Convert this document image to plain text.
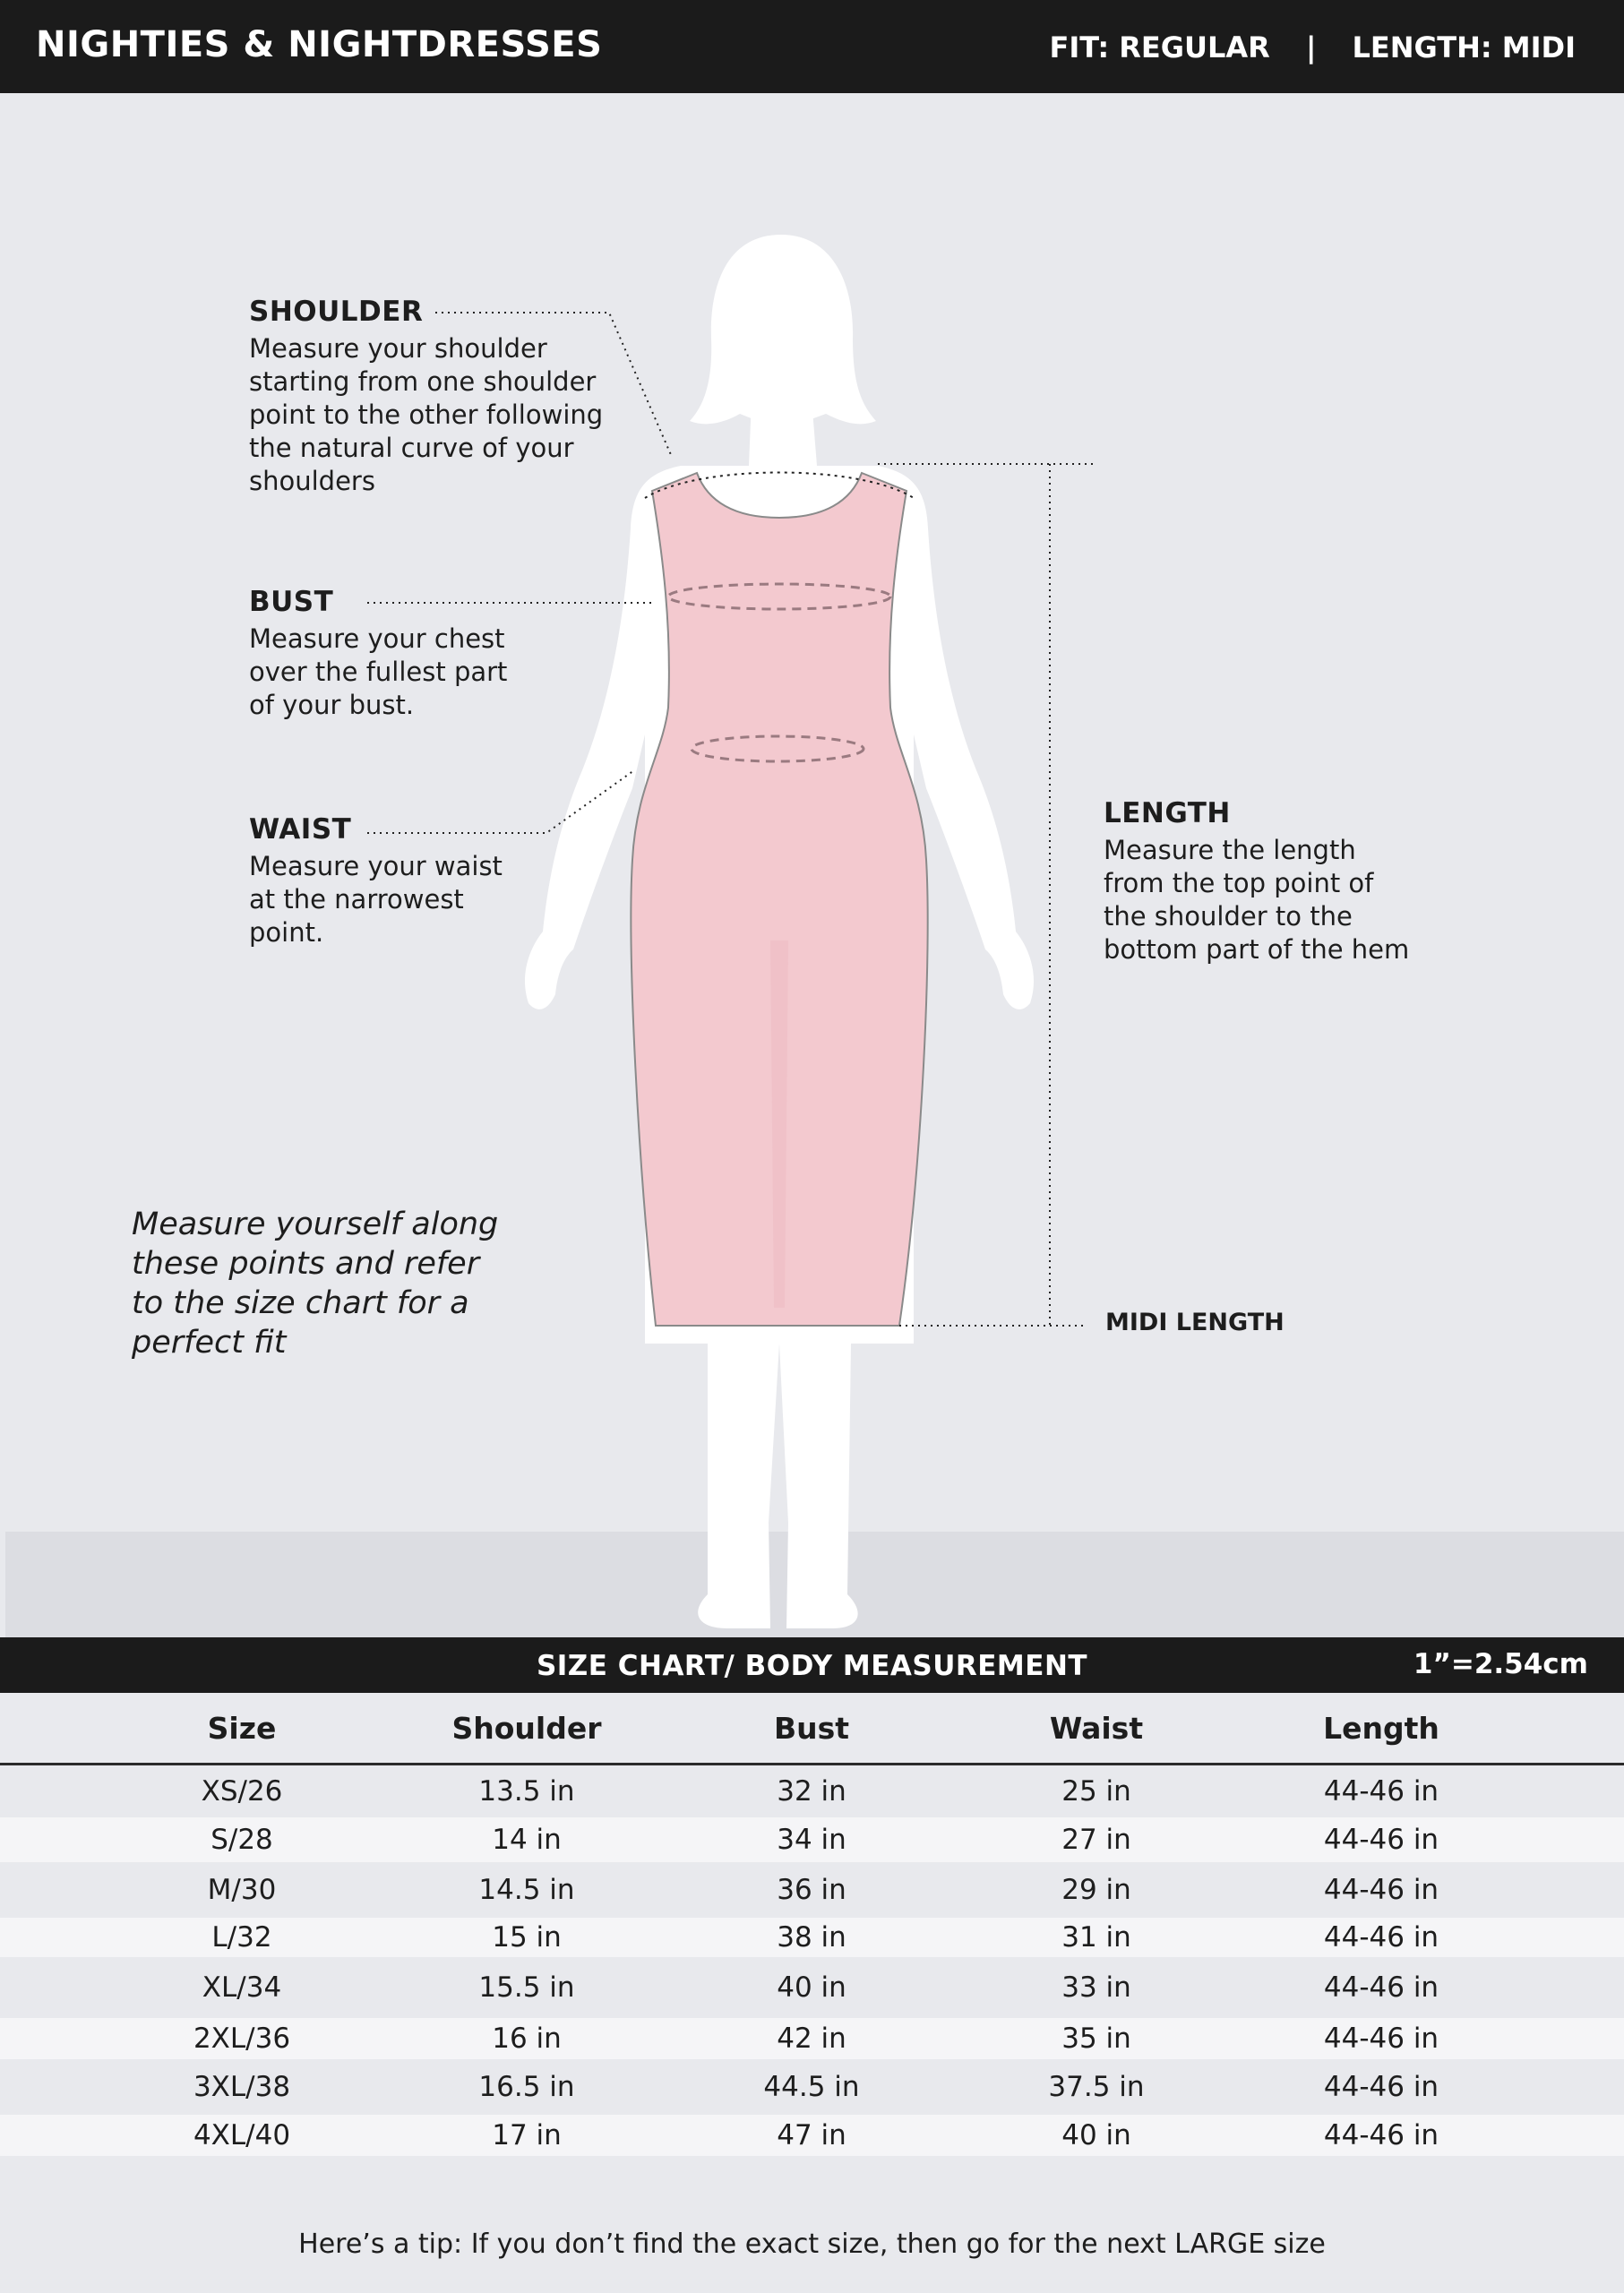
NIGHTIES & NIGHTDRESSES	FIT: REGULAR | LENGTH: MIDI
SHOULDER
Measure your shoulder
starting from one shoulder
point to the other following
the natural curve of your
shoulders
BUST
Measure your chest
over the fullest part
of your bust.
WAIST
Measure your waist
at the narrowest
point.
LENGTH
Measure the length
from the top point of
the shoulder to the
bottom part of the hem
MIDI LENGTH
Measure yourself along
these points and refer
to the size chart for a
perfect fit
SIZE CHART/ BODY MEASUREMENT	1”=2.54cm
Size	Shoulder	Bust	Waist	Length
XS/26	13.5 in	32 in	25 in	44-46 in
S/28	14 in	34 in	27 in	44-46 in
M/30	14.5 in	36 in	29 in	44-46 in
L/32	15 in	38 in	31 in	44-46 in
XL/34	15.5 in	40 in	33 in	44-46 in
2XL/36	16 in	42 in	35 in	44-46 in
3XL/38	16.5 in	44.5 in	37.5 in	44-46 in
4XL/40	17 in	47 in	40 in	44-46 in
Here’s a tip: If you don’t find the exact size, then go for the next LARGE size
